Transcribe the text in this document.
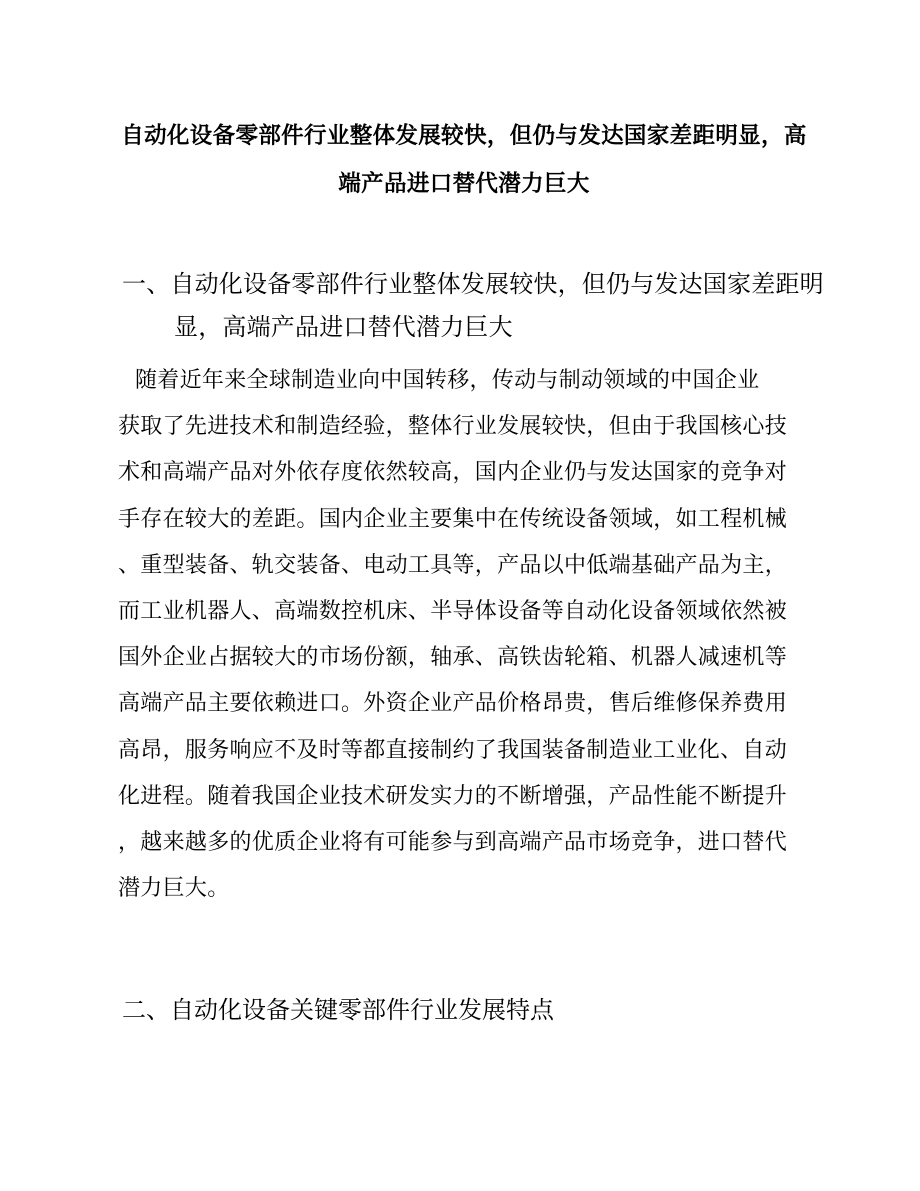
自动化设备零部件行业整体发展较快，但仍与发达国家差距明显，高
端产品进口替代潜力巨大
一、自动化设备零部件行业整体发展较快，但仍与发达国家差距明
显，高端产品进口替代潜力巨大

随着近年来全球制造业向中国转移，传动与制动领域的中国企业
获取了先进技术和制造经验，整体行业发展较快，但由于我国核心技
术和高端产品对外依存度依然较高，国内企业仍与发达国家的竞争对
手存在较大的差距。国内企业主要集中在传统设备领域，如工程机械
、重型装备、轨交装备、电动工具等，产品以中低端基础产品为主，
而工业机器人、高端数控机床、半导体设备等自动化设备领域依然被
国外企业占据较大的市场份额，轴承、高铁齿轮箱、机器人减速机等
高端产品主要依赖进口。外资企业产品价格昂贵，售后维修保养费用
高昂，服务响应不及时等都直接制约了我国装备制造业工业化、自动
化进程。随着我国企业技术研发实力的不断增强，产品性能不断提升
，越来越多的优质企业将有可能参与到高端产品市场竞争，进口替代
潜力巨大。

二、自动化设备关键零部件行业发展特点
